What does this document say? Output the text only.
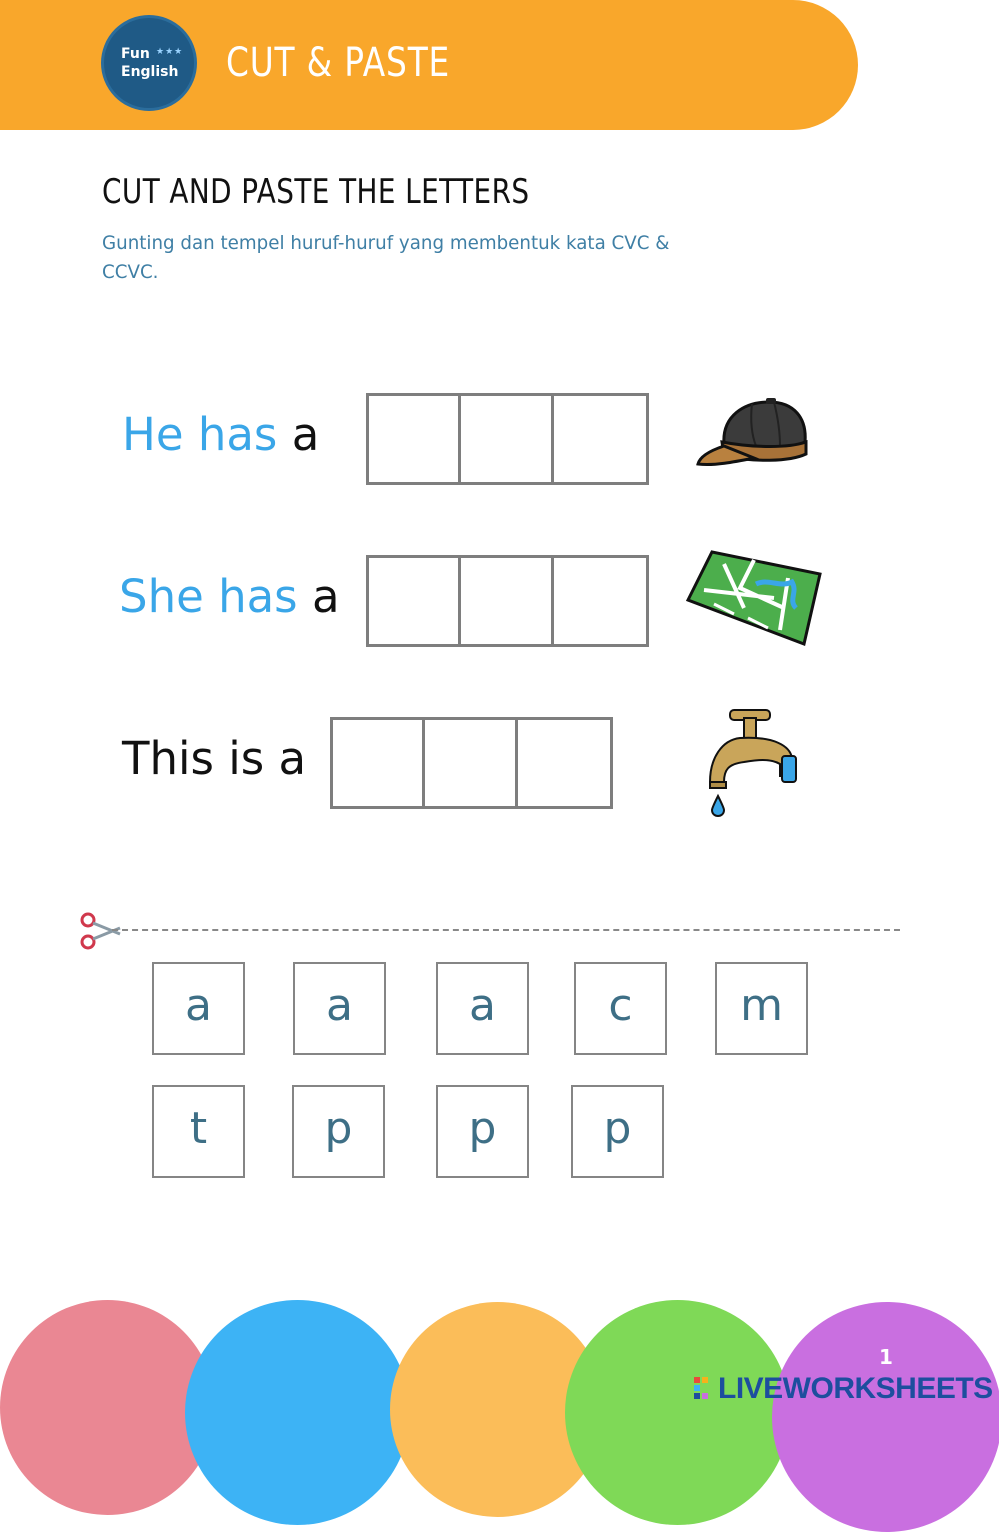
Fun ★★★
English CUT & PASTE
CUT AND PASTE THE LETTERS
Gunting dan tempel huruf-huruf yang membentuk kata CVC & CCVC.
He has a
She has a
This is a
a	a	a	c	m
t	p	p	p
1
LIVEWORKSHEETS
